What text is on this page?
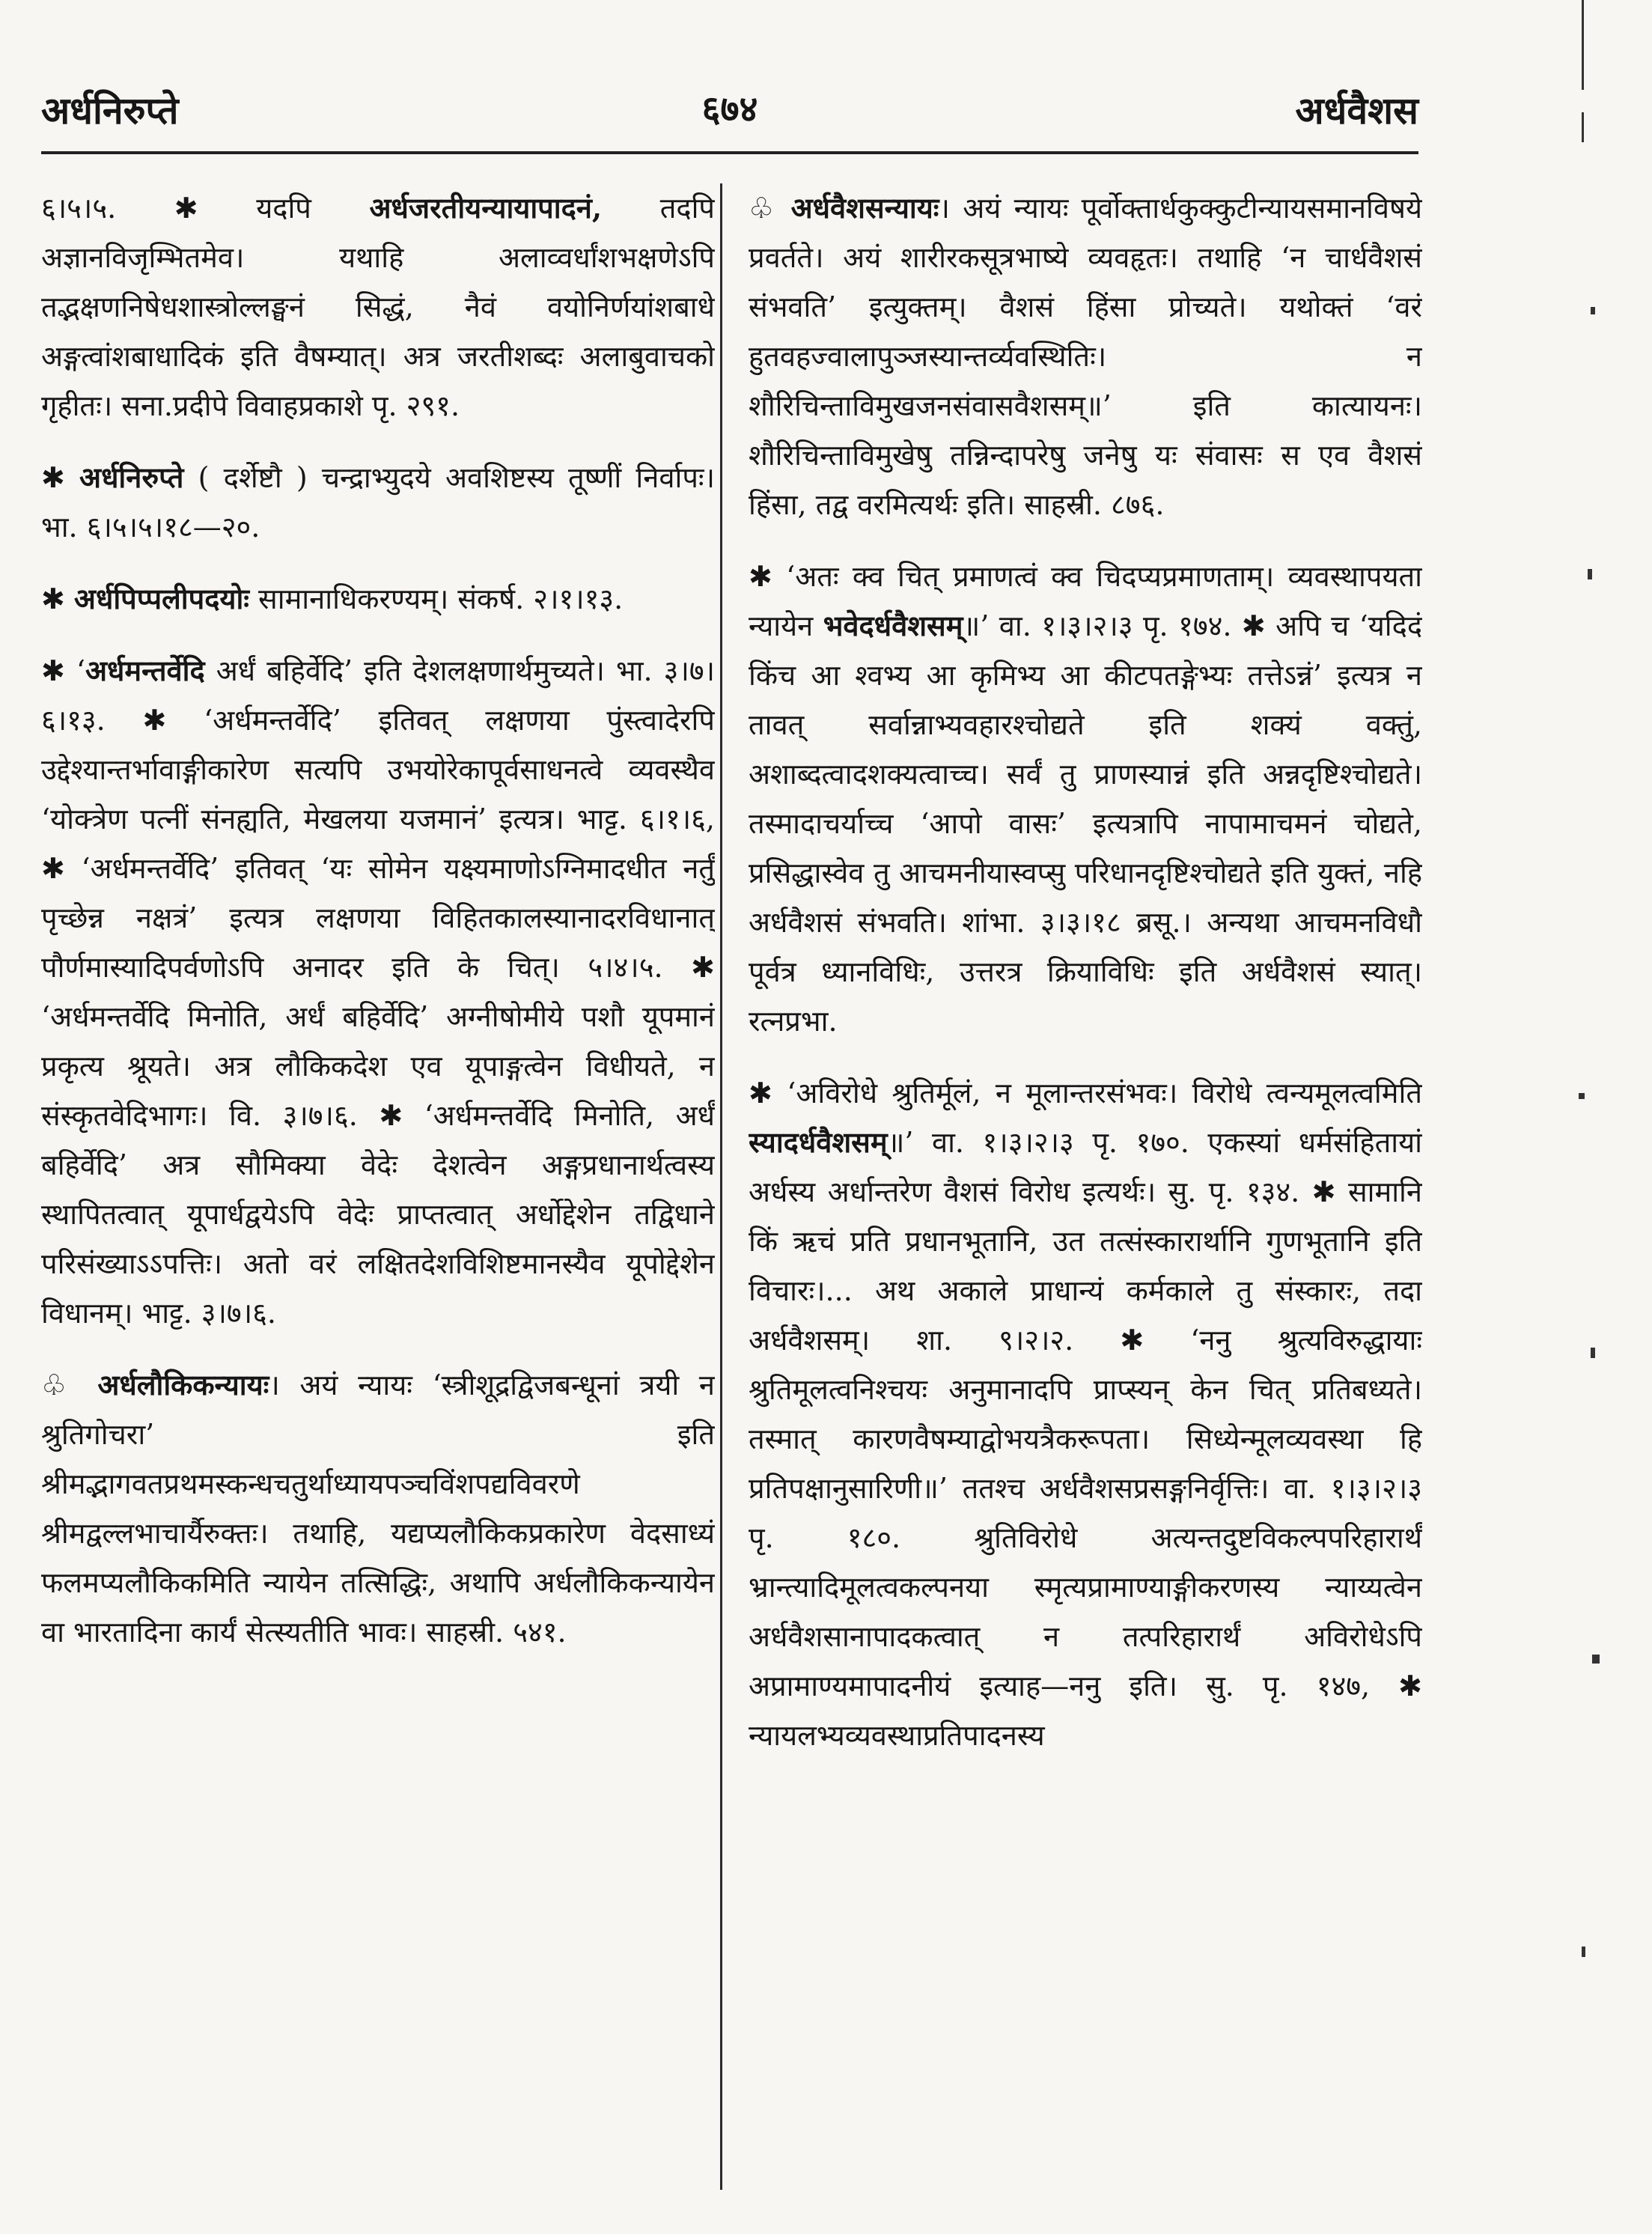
अर्धनिरुप्ते	६७४	अर्धवैशस

६।५।५. ✱ यदपि अर्धजरतीयन्यायापादनं, तदपि अज्ञानविजृम्भितमेव। यथाहि अलाव्वर्धांशभक्षणेऽपि तद्भक्षणनिषेधशास्त्रोल्लङ्घनं सिद्धं, नैवं वयोनिर्णयांशबाधे अङ्गत्वांशबाधादिकं इति वैषम्यात्। अत्र जरतीशब्दः अलाबुवाचको गृहीतः। सना.प्रदीपे विवाहप्रकाशे पृ. २९१.

✱ अर्धनिरुप्ते ( दर्शेष्टौ ) चन्द्राभ्युदये अवशिष्टस्य तूष्णीं निर्वापः। भा. ६।५।५।१८—२०.

✱ अर्धपिप्पलीपदयोः सामानाधिकरण्यम्। संकर्ष. २।१।१३.

✱ ‘अर्धमन्तर्वेदि अर्धं बहिर्वेदि’ इति देशलक्षणार्थमुच्यते। भा. ३।७।६।१३. ✱ ‘अर्धमन्तर्वेदि’ इतिवत् लक्षणया पुंस्त्वादेरपि उद्देश्यान्तर्भावाङ्गीकारेण सत्यपि उभयोरेकापूर्वसाधनत्वे व्यवस्थैव ‘योक्त्रेण पत्नीं संनह्यति, मेखलया यजमानं’ इत्यत्र। भाट्ट. ६।१।६, ✱ ‘अर्धमन्तर्वेदि’ इतिवत् ‘यः सोमेन यक्ष्यमाणोऽग्निमादधीत नर्तुं पृच्छेन्न नक्षत्रं’ इत्यत्र लक्षणया विहितकालस्यानादरविधानात् पौर्णमास्यादिपर्वणोऽपि अनादर इति के चित्। ५।४।५. ✱ ‘अर्धमन्तर्वेदि मिनोति, अर्धं बहिर्वेदि’ अग्नीषोमीये पशौ यूपमानं प्रकृत्य श्रूयते। अत्र लौकिकदेश एव यूपाङ्गत्वेन विधीयते, न संस्कृतवेदिभागः। वि. ३।७।६. ✱ ‘अर्धमन्तर्वेदि मिनोति, अर्धं बहिर्वेदि’ अत्र सौमिक्या वेदेः देशत्वेन अङ्गप्रधानार्थत्वस्य स्थापितत्वात् यूपार्धद्वयेऽपि वेदेः प्राप्तत्वात् अर्धोद्देशेन तद्विधाने परिसंख्याऽऽपत्तिः। अतो वरं लक्षितदेशविशिष्टमानस्यैव यूपोद्देशेन विधानम्। भाट्ट. ३।७।६.

♧ अर्धलौकिकन्यायः। अयं न्यायः ‘स्त्रीशूद्रद्विजबन्धूनां त्रयी न श्रुतिगोचरा’ इति श्रीमद्भागवतप्रथमस्कन्धचतुर्थाध्यायपञ्चविंशपद्यविवरणे श्रीमद्वल्लभाचार्यैरुक्तः। तथाहि, यद्यप्यलौकिकप्रकारेण वेदसाध्यं फलमप्यलौकिकमिति न्यायेन तत्सिद्धिः, अथापि अर्धलौकिकन्यायेन वा भारतादिना कार्यं सेत्स्यतीति भावः। साहस्री. ५४१.

♧ अर्धवैशसन्यायः। अयं न्यायः पूर्वोक्तार्धकुक्कुटीन्यायसमानविषये प्रवर्तते। अयं शारीरकसूत्रभाष्ये व्यवहृतः। तथाहि ‘न चार्धवैशसं संभवति’ इत्युक्तम्। वैशसं हिंसा प्रोच्यते। यथोक्तं ‘वरं हुतवहज्वालापुञ्जस्यान्तर्व्यवस्थितिः। न शौरिचिन्ताविमुखजनसंवासवैशसम्॥’ इति कात्यायनः। शौरिचिन्ताविमुखेषु तन्निन्दापरेषु जनेषु यः संवासः स एव वैशसं हिंसा, तद्व वरमित्यर्थः इति। साहस्री. ८७६.

✱ ‘अतः क्व चित् प्रमाणत्वं क्व चिदप्यप्रमाणताम्। व्यवस्थापयता न्यायेन भवेदर्धवैशसम्॥’ वा. १।३।२।३ पृ. १७४. ✱ अपि च ‘यदिदं किंच आ श्वभ्य आ कृमिभ्य आ कीटपतङ्गेभ्यः तत्तेऽन्नं’ इत्यत्र न तावत् सर्वान्नाभ्यवहारश्चोद्यते इति शक्यं वक्तुं, अशाब्दत्वादशक्यत्वाच्च। सर्वं तु प्राणस्यान्नं इति अन्नदृष्टिश्चोद्यते। तस्मादाचर्याच्च ‘आपो वासः’ इत्यत्रापि नापामाचमनं चोद्यते, प्रसिद्धास्वेव तु आचमनीयास्वप्सु परिधानदृष्टिश्चोद्यते इति युक्तं, नहि अर्धवैशसं संभवति। शांभा. ३।३।१८ ब्रसू.। अन्यथा आचमनविधौ पूर्वत्र ध्यानविधिः, उत्तरत्र क्रियाविधिः इति अर्धवैशसं स्यात्। रत्नप्रभा.

✱ ‘अविरोधे श्रुतिर्मूलं, न मूलान्तरसंभवः। विरोधे त्वन्यमूलत्वमिति स्यादर्धवैशसम्॥’ वा. १।३।२।३ पृ. १७०. एकस्यां धर्मसंहितायां अर्धस्य अर्धान्तरेण वैशसं विरोध इत्यर्थः। सु. पृ. १३४. ✱ सामानि किं ऋचं प्रति प्रधानभूतानि, उत तत्संस्कारार्थानि गुणभूतानि इति विचारः।... अथ अकाले प्राधान्यं कर्मकाले तु संस्कारः, तदा अर्धवैशसम्। शा. ९।२।२. ✱ ‘ननु श्रुत्यविरुद्धायाः श्रुतिमूलत्वनिश्चयः अनुमानादपि प्राप्स्यन् केन चित् प्रतिबध्यते। तस्मात् कारणवैषम्याद्वोभयत्रैकरूपता। सिध्येन्मूलव्यवस्था हि प्रतिपक्षानुसारिणी॥’ ततश्च अर्धवैशसप्रसङ्गनिर्वृत्तिः। वा. १।३।२।३ पृ. १८०. श्रुतिविरोधे अत्यन्तदुष्टविकल्पपरिहारार्थं भ्रान्त्यादिमूलत्वकल्पनया स्मृत्यप्रामाण्याङ्गीकरणस्य न्याय्यत्वेन अर्धवैशसानापादकत्वात् न तत्परिहारार्थं अविरोधेऽपि अप्रामाण्यमापादनीयं इत्याह—ननु इति। सु. पृ. १४७, ✱ न्यायलभ्यव्यवस्थाप्रतिपादनस्य
